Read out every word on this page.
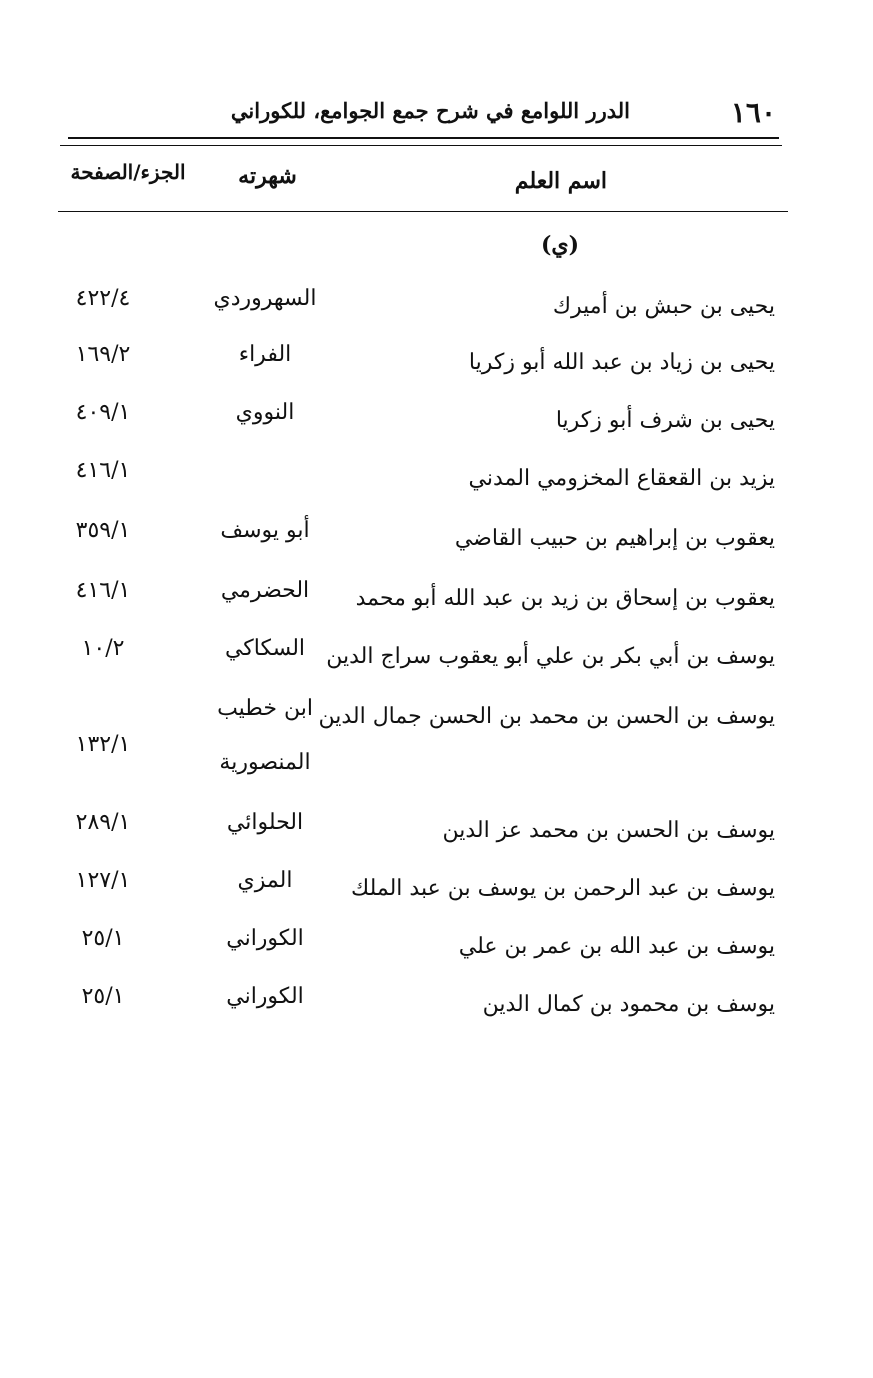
١٦٠
الدرر اللوامع في شرح جمع الجوامع، للكوراني
اسم العلم
شهرته
الجزء/الصفحة
(ي)
يحيى بن حبش بن أميرك
السهروردي
٤٢٢/٤
يحيى بن زياد بن عبد الله أبو زكريا
الفراء
١٦٩/٢
يحيى بن شرف أبو زكريا
النووي
٤٠٩/١
يزيد بن القعقاع المخزومي المدني
٤١٦/١
يعقوب بن إبراهيم بن حبيب القاضي
أبو يوسف
٣٥٩/١
يعقوب بن إسحاق بن زيد بن عبد الله أبو محمد
الحضرمي
٤١٦/١
يوسف بن أبي بكر بن علي أبو يعقوب سراج الدين
السكاكي
١٠/٢
يوسف بن الحسن بن محمد بن الحسن جمال الدين
ابن خطيب
المنصورية
١٣٢/١
يوسف بن الحسن بن محمد عز الدين
الحلوائي
٢٨٩/١
يوسف بن عبد الرحمن بن يوسف بن عبد الملك
المزي
١٢٧/١
يوسف بن عبد الله بن عمر بن علي
الكوراني
٢٥/١
يوسف بن محمود بن كمال الدين
الكوراني
٢٥/١
